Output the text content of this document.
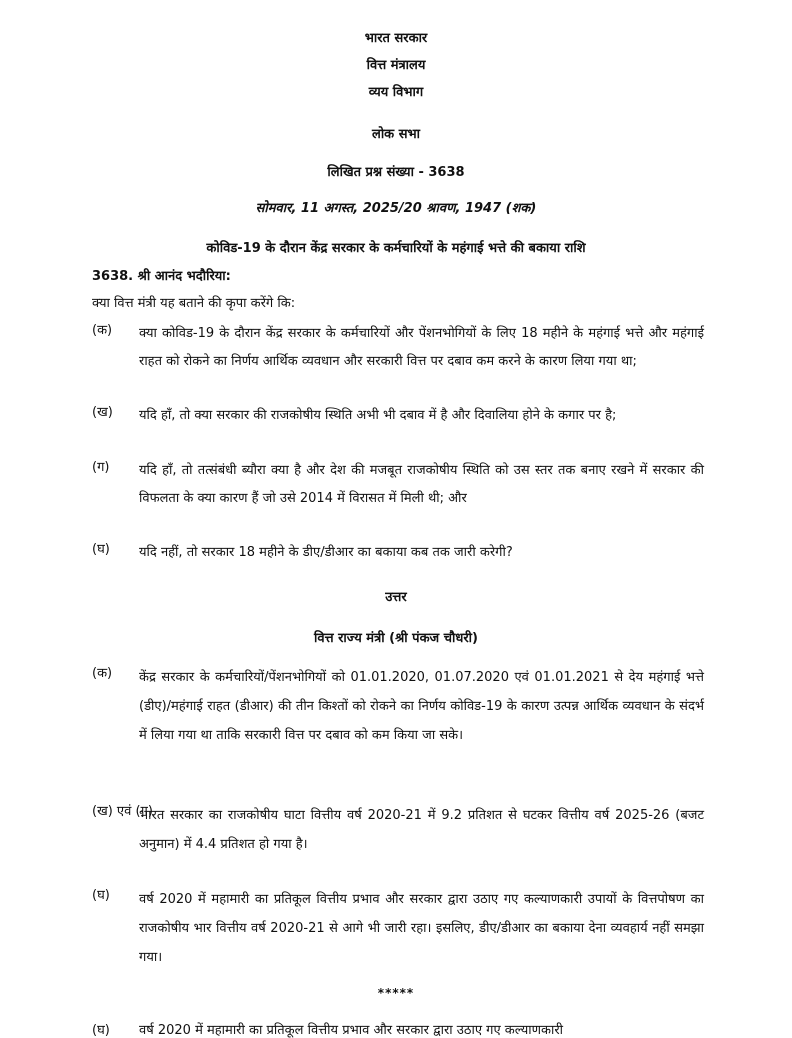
भारत सरकार
वित्त मंत्रालय
व्यय विभाग
लोक सभा
लिखित प्रश्न संख्या - 3638
सोमवार, 11 अगस्त, 2025/20 श्रावण, 1947 (शक)
कोविड-19 के दौरान केंद्र सरकार के कर्मचारियों के महंगाई भत्ते की बकाया राशि
3638. श्री आनंद भदौरिया:
क्या वित्त मंत्री यह बताने की कृपा करेंगे कि:
(क) क्या कोविड-19 के दौरान केंद्र सरकार के कर्मचारियों और पेंशनभोगियों के लिए 18 महीने के महंगाई भत्ते और महंगाई राहत को रोकने का निर्णय आर्थिक व्यवधान और सरकारी वित्त पर दबाव कम करने के कारण लिया गया था;

(ख) यदि हाँ, तो क्या सरकार की राजकोषीय स्थिति अभी भी दबाव में है और दिवालिया होने के कगार पर है;

(ग) यदि हाँ, तो तत्संबंधी ब्यौरा क्या है और देश की मजबूत राजकोषीय स्थिति को उस स्तर तक बनाए रखने में सरकार की विफलता के क्या कारण हैं जो उसे 2014 में विरासत में मिली थी; और

(घ) यदि नहीं, तो सरकार 18 महीने के डीए/डीआर का बकाया कब तक जारी करेगी?

उत्तर
वित्त राज्य मंत्री (श्री पंकज चौधरी)
(क) केंद्र सरकार के कर्मचारियों/पेंशनभोगियों को 01.01.2020, 01.07.2020 एवं 01.01.2021 से देय महंगाई भत्ते (डीए)/महंगाई राहत (डीआर) की तीन किश्तों को रोकने का निर्णय कोविड-19 के कारण उत्पन्न आर्थिक व्यवधान के संदर्भ में लिया गया था ताकि सरकारी वित्त पर दबाव को कम किया जा सके।

(ख) एवं (ग)

भारत सरकार का राजकोषीय घाटा वित्तीय वर्ष 2020-21 में 9.2 प्रतिशत से घटकर वित्तीय वर्ष 2025-26 (बजट अनुमान) में 4.4 प्रतिशत हो गया है।

(घ) वर्ष 2020 में महामारी का प्रतिकूल वित्तीय प्रभाव और सरकार द्वारा उठाए गए कल्याणकारी उपायों के वित्तपोषण का राजकोषीय भार वित्तीय वर्ष 2020-21 से आगे भी जारी रहा। इसलिए, डीए/डीआर का बकाया देना व्यवहार्य नहीं समझा गया।

*****
(घ) वर्ष 2020 में महामारी का प्रतिकूल वित्तीय प्रभाव और सरकार द्वारा उठाए गए कल्याणकारी
